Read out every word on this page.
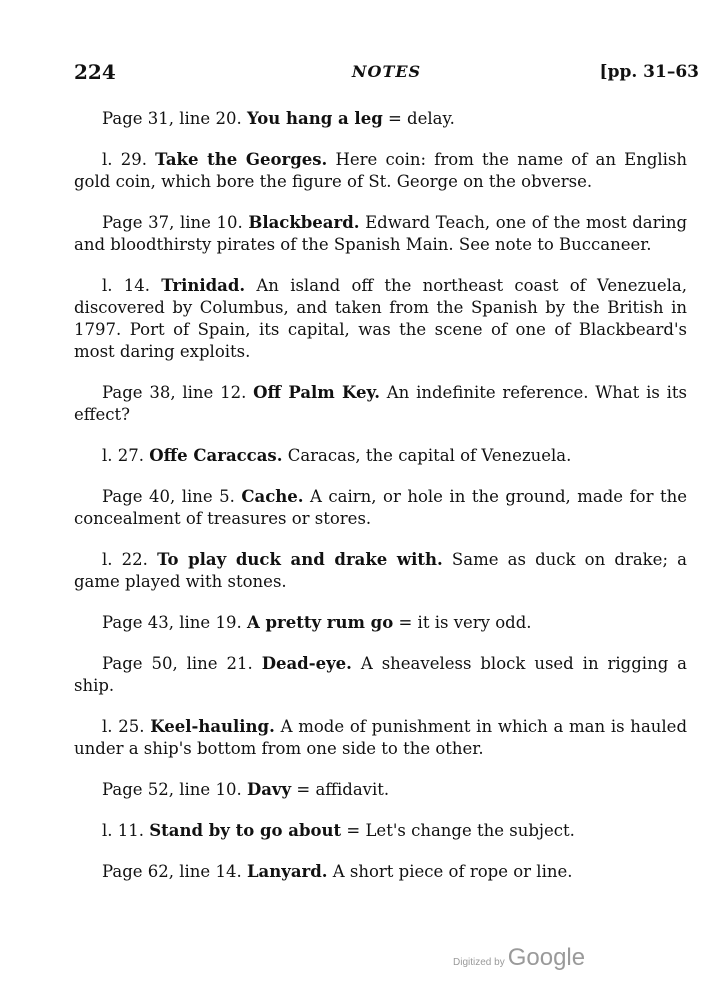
224	NOTES	[pp. 31–63

Page 31, line 20. You hang a leg = delay.

l. 29. Take the Georges. Here coin: from the name of an English gold coin, which bore the figure of St. George on the obverse.

Page 37, line 10. Blackbeard. Edward Teach, one of the most daring and bloodthirsty pirates of the Spanish Main. See note to Buccaneer.

l. 14. Trinidad. An island off the northeast coast of Venezuela, discovered by Columbus, and taken from the Spanish by the British in 1797. Port of Spain, its capital, was the scene of one of Blackbeard's most daring exploits.

Page 38, line 12. Off Palm Key. An indefinite reference. What is its effect?

l. 27. Offe Caraccas. Caracas, the capital of Venezuela.

Page 40, line 5. Cache. A cairn, or hole in the ground, made for the concealment of treasures or stores.

l. 22. To play duck and drake with. Same as duck on drake; a game played with stones.

Page 43, line 19. A pretty rum go = it is very odd.

Page 50, line 21. Dead-eye. A sheaveless block used in rigging a ship.

l. 25. Keel-hauling. A mode of punishment in which a man is hauled under a ship's bottom from one side to the other.

Page 52, line 10. Davy = affidavit.

l. 11. Stand by to go about = Let's change the subject.

Page 62, line 14. Lanyard. A short piece of rope or line.

Digitized by Google
